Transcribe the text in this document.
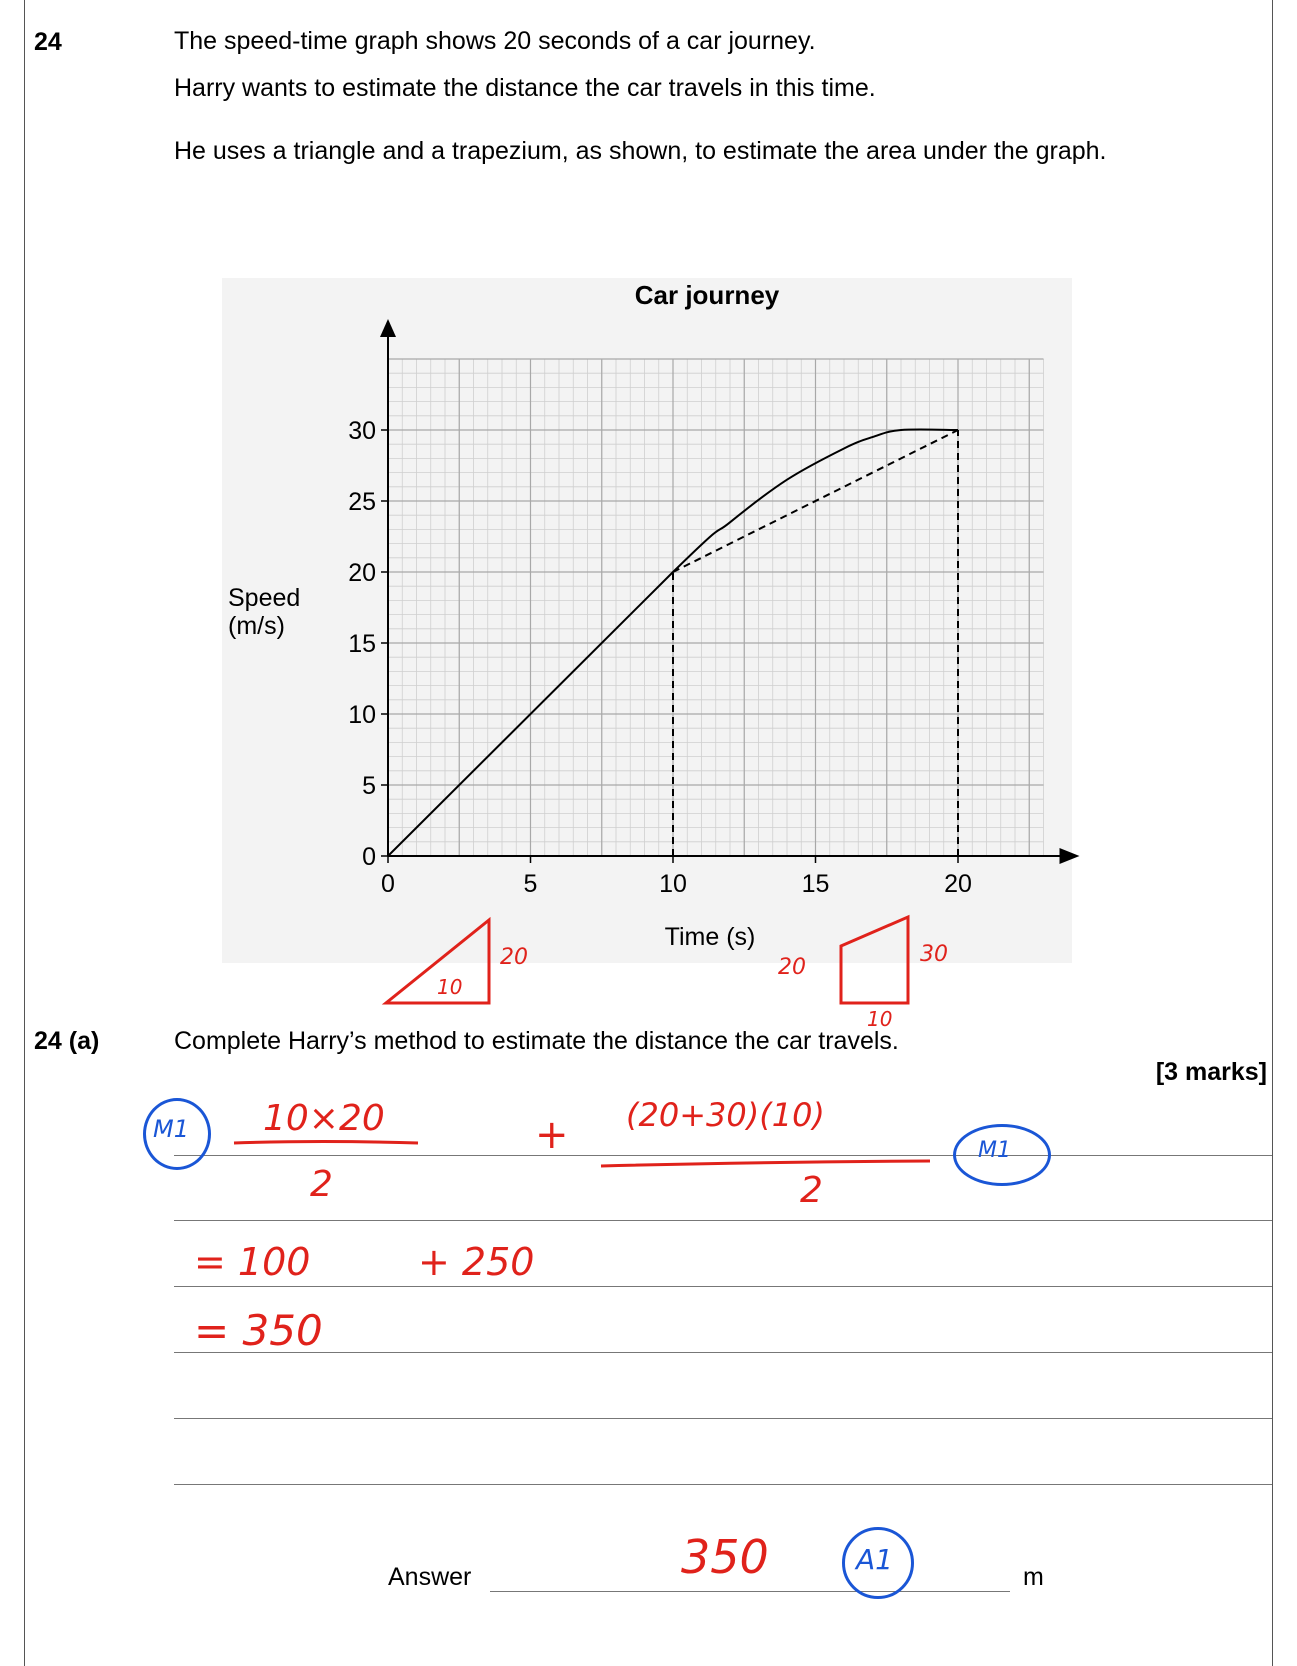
24	The speed-time graph shows 20 seconds of a car journey.
Harry wants to estimate the distance the car travels in this time.
He uses a triangle and a trapezium, as shown, to estimate the area under the graph.
0
5
10
15
20
25
30
0	5	10	15	20
Car journey
Speed (m/s)
Time (s)
10
20	20
30
10
24 (a)	Complete Harry’s method to estimate the distance the car travels.
[3 marks]
M1 10×20
2
+ (20+30)(10)
2
M1
= 100	+ 250
= 350
Answer	350	A1
m
